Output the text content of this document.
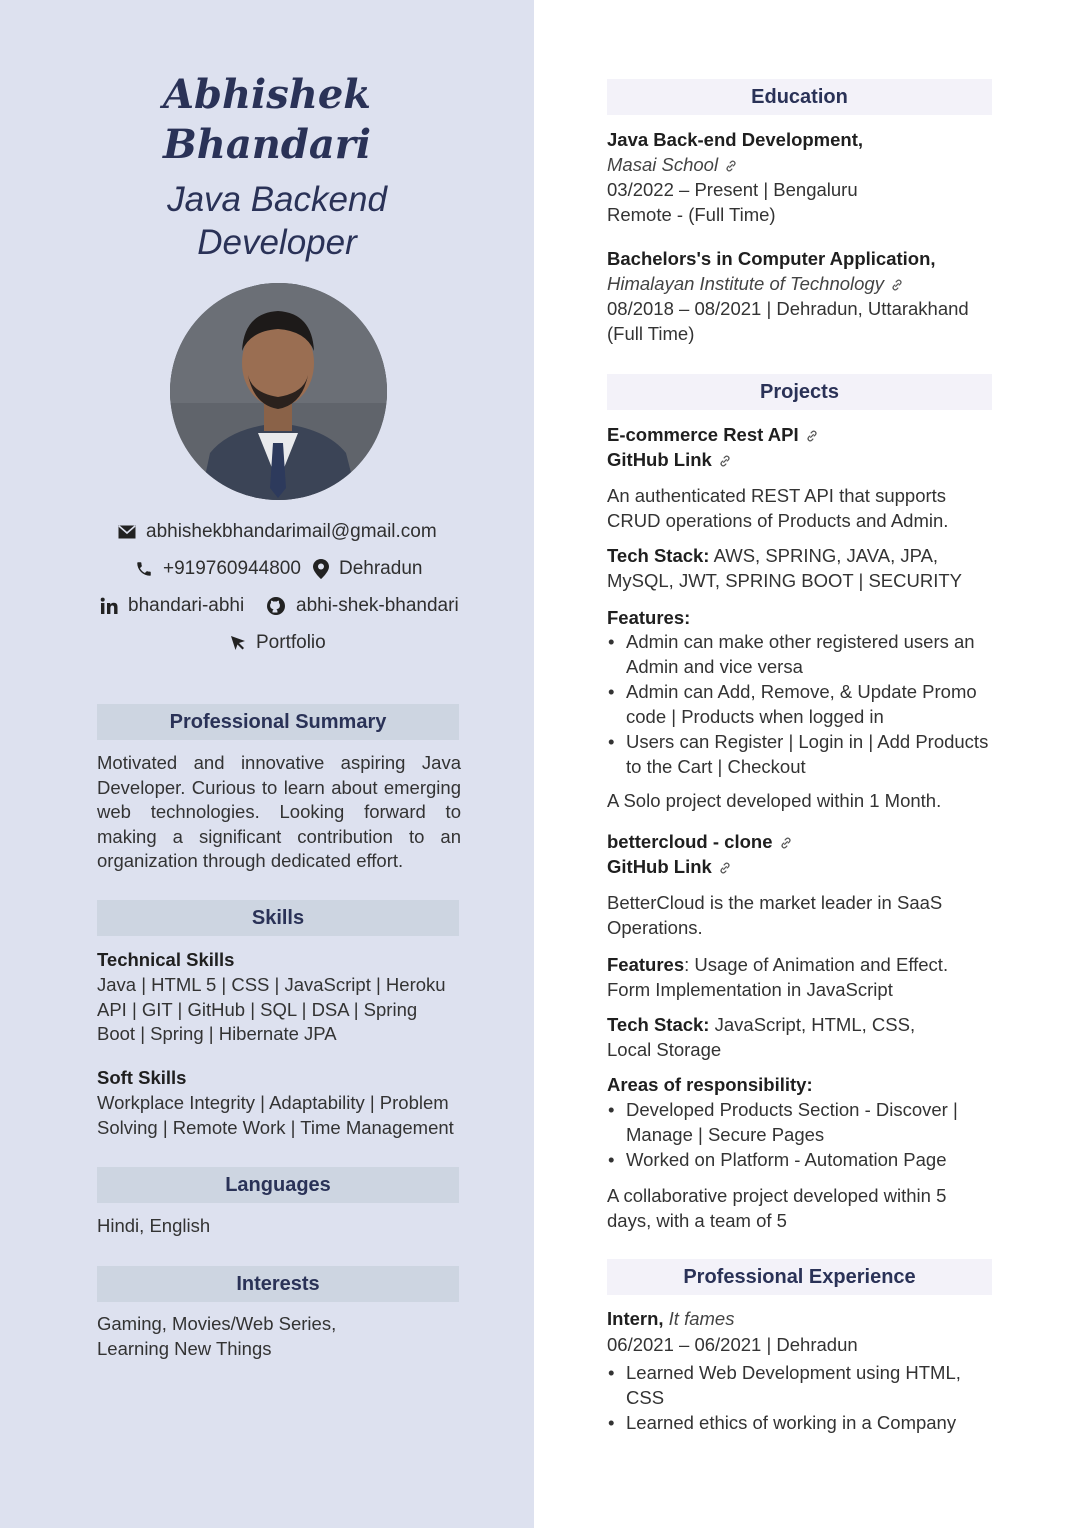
Abhishek
Bhandari
Java Backend
Developer
abhishekbhandarimail@gmail.com
+919760944800 Dehradun
bhandari-abhi	abhi-shek-bhandari
Portfolio
Professional Summary
Motivated and innovative aspiring Java Developer. Curious to learn about emerging web technologies. Looking forward to making a significant contribution to an organization through dedicated effort.
Skills
Technical Skills
Java | HTML 5 | CSS | JavaScript | Heroku API | GIT | GitHub | SQL | DSA | Spring Boot | Spring | Hibernate JPA
Soft Skills
Workplace Integrity | Adaptability | Problem Solving | Remote Work | Time Management
Languages
Hindi, English
Interests
Gaming, Movies/Web Series,
Learning New Things
Education
Java Back-end Development,
Masai School
03/2022 – Present | Bengaluru
Remote - (Full Time)
Bachelors's in Computer Application,
Himalayan Institute of Technology
08/2018 – 08/2021 | Dehradun, Uttarakhand
(Full Time)
Projects
E-commerce Rest API
GitHub Link
An authenticated REST API that supports CRUD operations of Products and Admin.
Tech Stack: AWS, SPRING, JAVA, JPA, MySQL, JWT, SPRING BOOT | SECURITY
Features:
• Admin can make other registered users an Admin and vice versa
• Admin can Add, Remove, & Update Promo code | Products when logged in
• Users can Register | Login in | Add Products to the Cart | Checkout
A Solo project developed within 1 Month.
bettercloud - clone
GitHub Link
BetterCloud is the market leader in SaaS Operations.
Features: Usage of Animation and Effect. Form Implementation in JavaScript
Tech Stack: JavaScript, HTML, CSS, Local Storage
Areas of responsibility:
• Developed Products Section - Discover | Manage | Secure Pages
• Worked on Platform - Automation Page
A collaborative project developed within 5 days, with a team of 5
Professional Experience
Intern, It fames
06/2021 – 06/2021 | Dehradun
• Learned Web Development using HTML, CSS
• Learned ethics of working in a Company
